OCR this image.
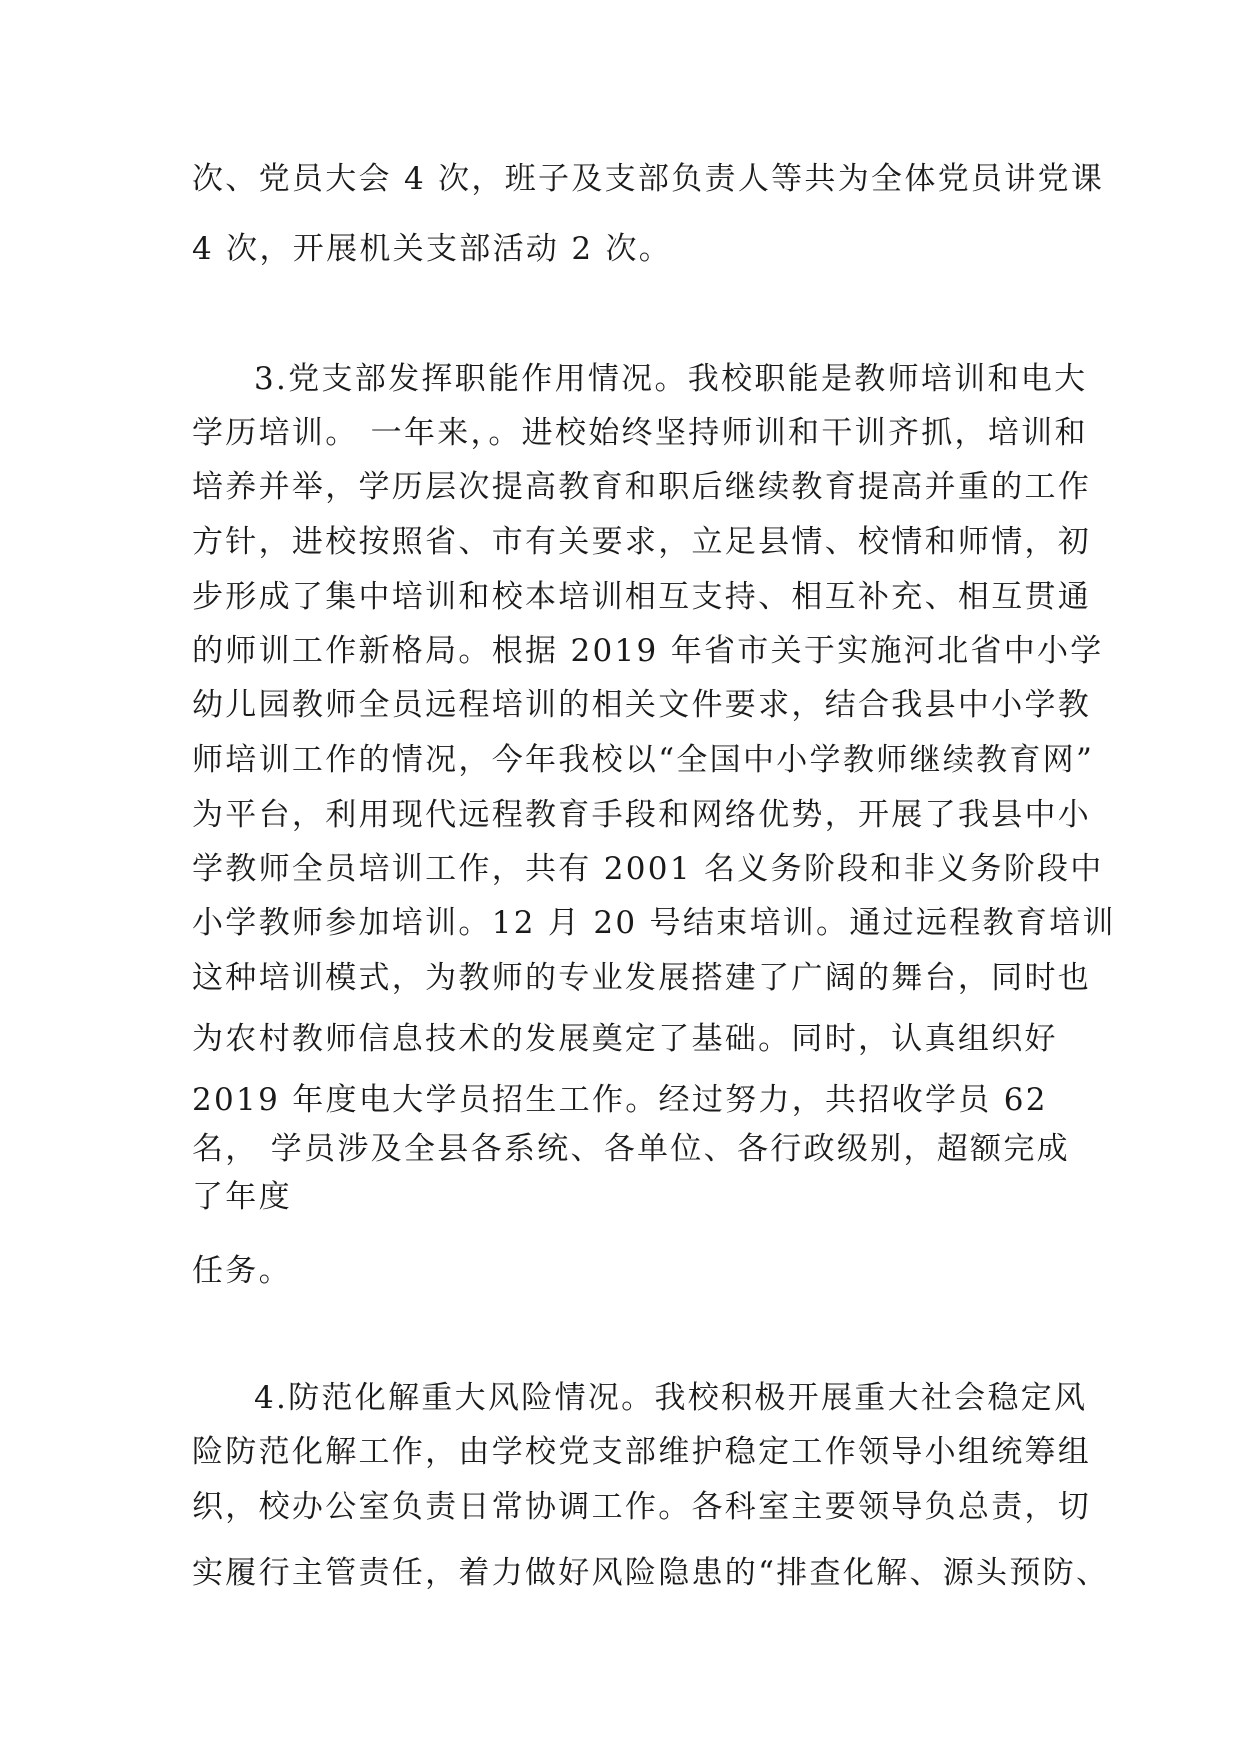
次、党员大会 4 次，班子及支部负责人等共为全体党员讲党课
4 次，开展机关支部活动 2 次。
3.党支部发挥职能作用情况。我校职能是教师培训和电大
学历培训。 一年来，。进校始终坚持师训和干训齐抓，培训和
培养并举，学历层次提高教育和职后继续教育提高并重的工作
方针，进校按照省、市有关要求，立足县情、校情和师情，初
步形成了集中培训和校本培训相互支持、相互补充、相互贯通
的师训工作新格局。根据 2019 年省市关于实施河北省中小学
幼儿园教师全员远程培训的相关文件要求，结合我县中小学教
师培训工作的情况，今年我校以“全国中小学教师继续教育网”
为平台，利用现代远程教育手段和网络优势，开展了我县中小
学教师全员培训工作，共有 2001 名义务阶段和非义务阶段中
小学教师参加培训。12 月 20 号结束培训。通过远程教育培训
这种培训模式，为教师的专业发展搭建了广阔的舞台，同时也
为农村教师信息技术的发展奠定了基础。同时，认真组织好
2019 年度电大学员招生工作。经过努力，共招收学员 62
名， 学员涉及全县各系统、各单位、各行政级别，超额完成
了年度
任务。
4.防范化解重大风险情况。我校积极开展重大社会稳定风
险防范化解工作，由学校党支部维护稳定工作领导小组统筹组
织，校办公室负责日常协调工作。各科室主要领导负总责，切
实履行主管责任，着力做好风险隐患的“排查化解、源头预防、
